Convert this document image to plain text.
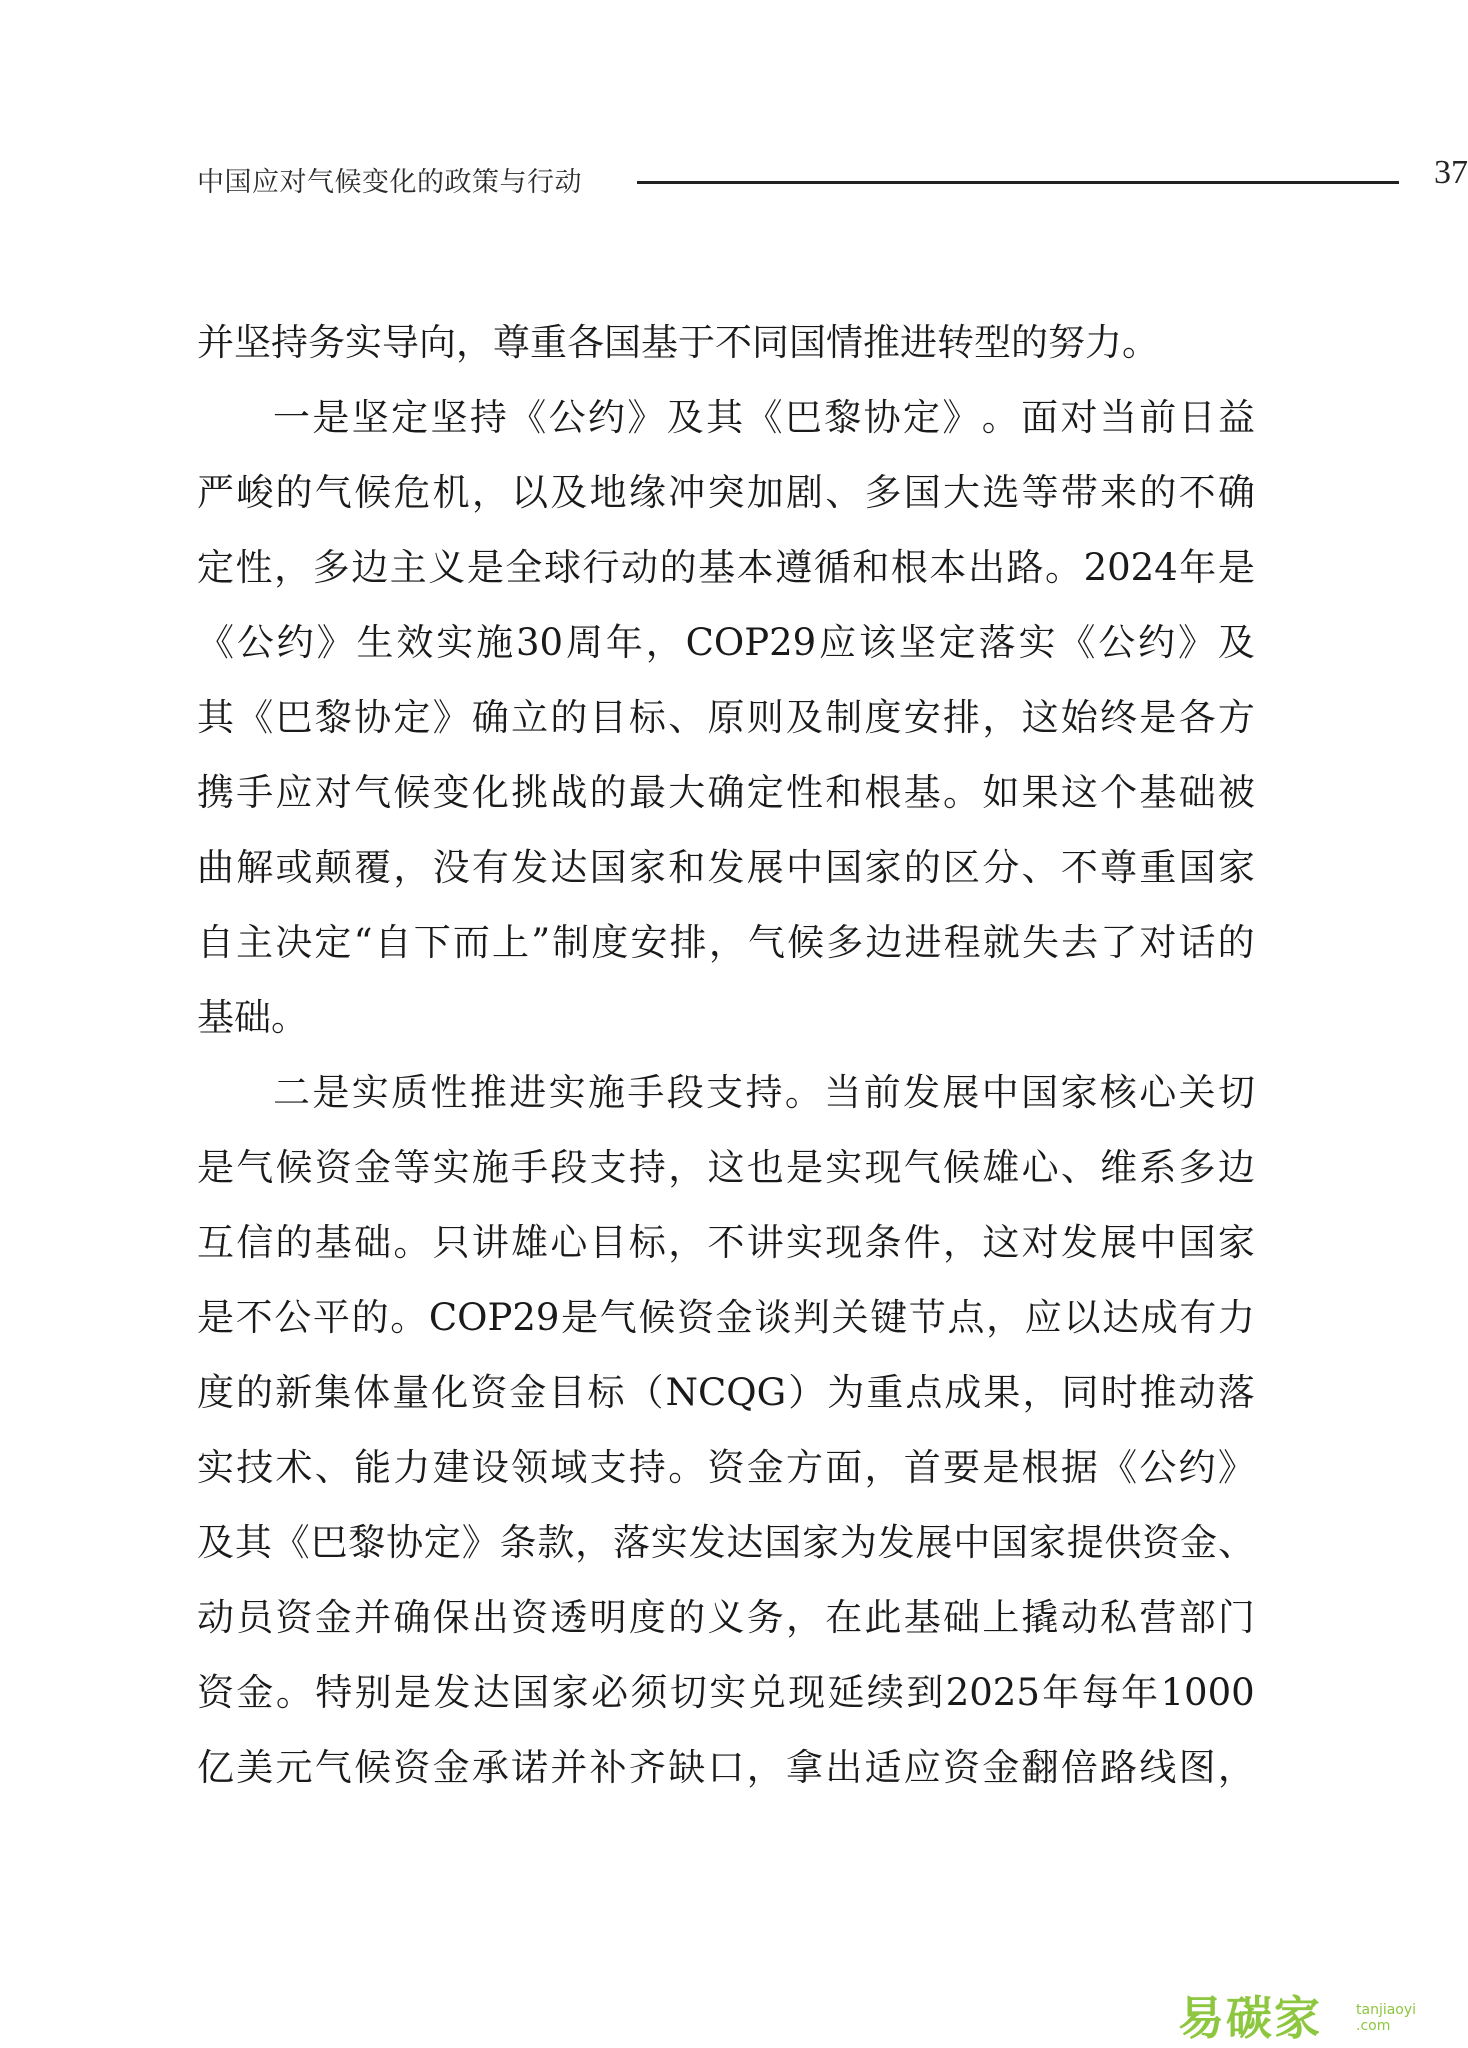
中国应对气候变化的政策与行动	37
并坚持务实导向，尊重各国基于不同国情推进转型的努力。
一 是 坚 定 坚 持 《 公 约 》 及 其 《 巴 黎 协 定 》 。 面 对 当 前 日 益
严 峻 的 气 候 危 机 ， 以 及 地 缘 冲 突 加 剧 、 多 国 大 选 等 带 来 的 不 确
定 性 ， 多 边 主 义 是 全 球 行 动 的 基 本 遵 循 和 根 本 出 路 。 2024 年 是
《 公 约 》 生 效 实 施 30 周 年 ， COP29 应 该 坚 定 落 实 《 公 约 》 及
其 《 巴 黎 协 定 》 确 立 的 目 标 、 原 则 及 制 度 安 排 ， 这 始 终 是 各 方
携 手 应 对 气 候 变 化 挑 战 的 最 大 确 定 性 和 根 基 。 如 果 这 个 基 础 被
曲 解 或 颠 覆 ， 没 有 发 达 国 家 和 发 展 中 国 家 的 区 分 、 不 尊 重 国 家
自 主 决 定 “ 自 下 而 上 ” 制 度 安 排 ， 气 候 多 边 进 程 就 失 去 了 对 话 的
基础。
二 是 实 质 性 推 进 实 施 手 段 支 持 。 当 前 发 展 中 国 家 核 心 关 切
是 气 候 资 金 等 实 施 手 段 支 持 ， 这 也 是 实 现 气 候 雄 心 、 维 系 多 边
互 信 的 基 础 。 只 讲 雄 心 目 标 ， 不 讲 实 现 条 件 ， 这 对 发 展 中 国 家
是 不 公 平 的 。 COP29 是 气 候 资 金 谈 判 关 键 节 点 ， 应 以 达 成 有 力
度 的 新 集 体 量 化 资 金 目 标 （ NCQG ） 为 重 点 成 果 ， 同 时 推 动 落
实 技 术 、 能 力 建 设 领 域 支 持 。 资 金 方 面 ， 首 要 是 根 据 《 公 约 》
及 其 《 巴 黎 协 定 》 条 款 ， 落 实 发 达 国 家 为 发 展 中 国 家 提 供 资 金 、
动 员 资 金 并 确 保 出 资 透 明 度 的 义 务 ， 在 此 基 础 上 撬 动 私 营 部 门
资 金 。 特 别 是 发 达 国 家 必 须 切 实 兑 现 延 续 到 2025 年 每 年 1000
亿 美 元 气 候 资 金 承 诺 并 补 齐 缺 口 ， 拿 出 适 应 资 金 翻 倍 路 线 图 ，
易碳家 tanjiaoyi
.com
